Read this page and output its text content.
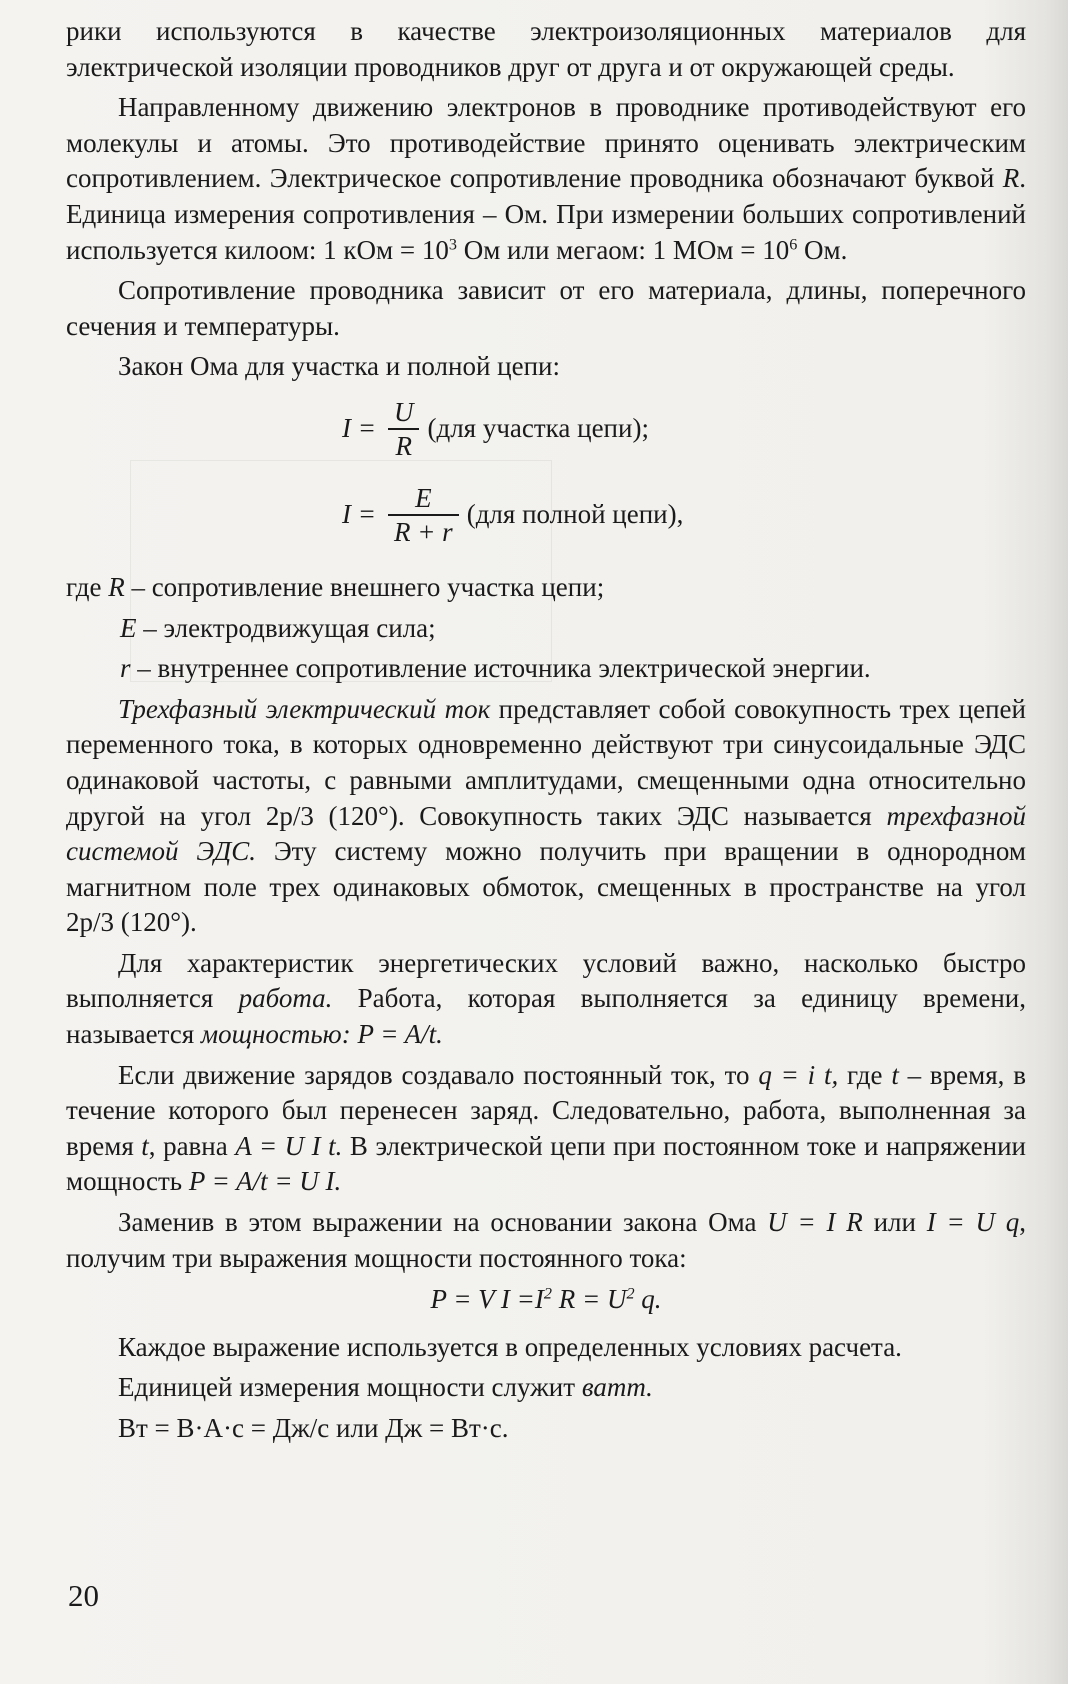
рики используются в качестве электроизоляционных материалов для электрической изоляции проводников друг от друга и от окружающей среды.

Направленному движению электронов в проводнике противодействуют его молекулы и атомы. Это противодействие принято оценивать электрическим сопротивлением. Электрическое сопротивление проводника обозначают буквой R. Единица измерения сопротивления – Ом. При измерении больших сопротивлений используется килоом: 1 кОм = $10^3$ Ом или мегаом: 1 МОм = $10^6$ Ом.

Сопротивление проводника зависит от его материала, длины, поперечного сечения и температуры.

Закон Ома для участка и полной цепи:

$I = \frac{U}{R} (для$ участка цепи);
$I = \frac{E}{R + r} (для$ полной цепи),

где R – сопротивление внешнего участка цепи;

E – электродвижущая сила;

r – внутреннее сопротивление источника электрической энергии.

Трехфазный электрический ток представляет собой совокупность трех цепей переменного тока, в которых одновременно действуют три синусоидальные ЭДС одинаковой частоты, с равными амплитудами, смещенными одна относительно другой на угол 2р/3 (120°). Совокупность таких ЭДС называется трехфазной системой ЭДС. Эту систему можно получить при вращении в однородном магнитном поле трех одинаковых обмоток, смещенных в пространстве на угол 2р/3 (120°).

Для характеристик энергетических условий важно, насколько быстро выполняется работа. Работа, которая выполняется за единицу времени, называется мощностью: P = A/t.

Если движение зарядов создавало постоянный ток, то q = i t, где t – время, в течение которого был перенесен заряд. Следовательно, работа, выполненная за время t, равна A = U I t. В электрической цепи при постоянном токе и напряжении мощность P = A/t = U I.

Заменив в этом выражении на основании закона Ома U = I R или I = U q, получим три выражения мощности постоянного тока:

P = V $I =I^2$ $R = U^2$ q.

Каждое выражение используется в определенных условиях расчета.

Единицей измерения мощности служит ватт.

Вт = В·А·с = Дж/с или Дж = Вт·с.

20
